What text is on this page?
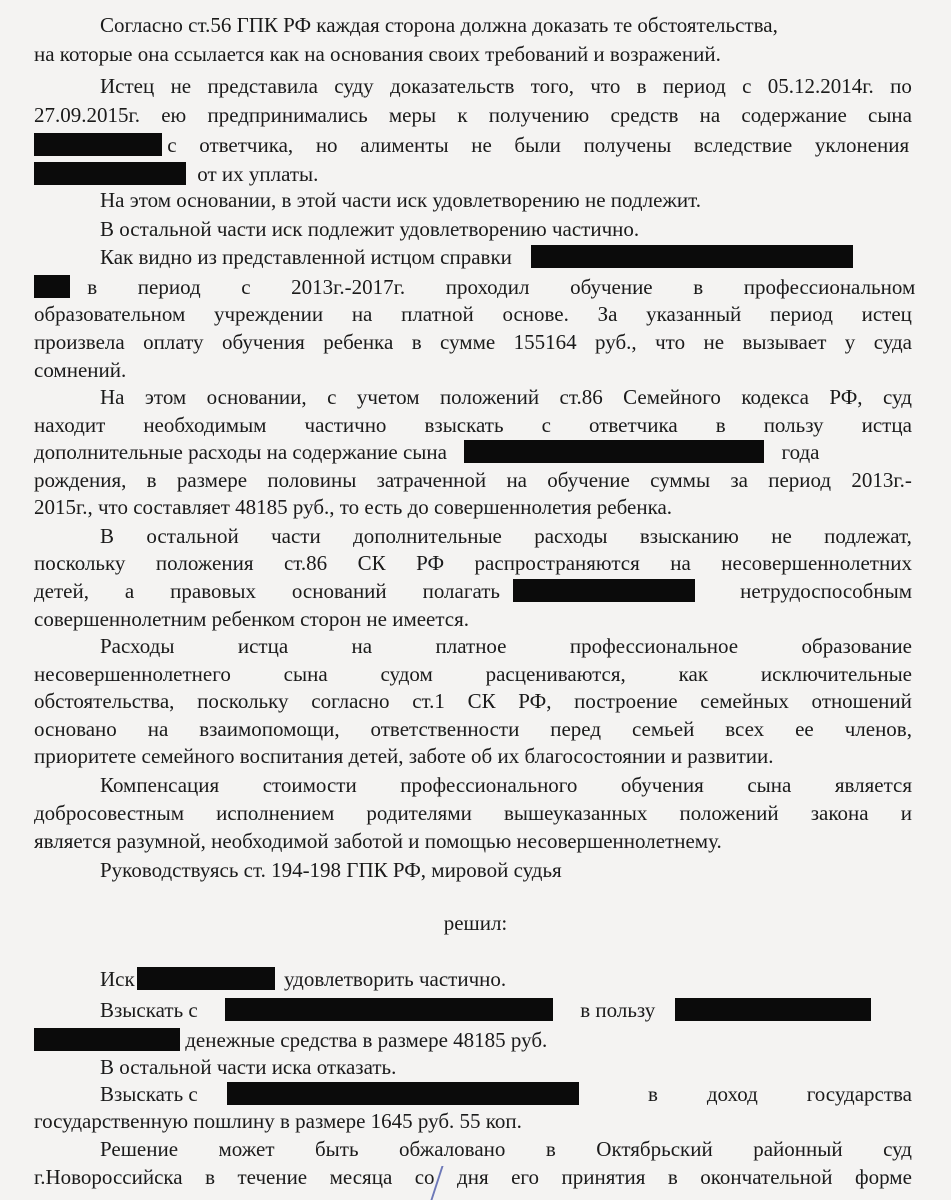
Согласно ст.56 ГПК РФ каждая сторона должна доказать те обстоятельства,
на которые она ссылается как на основания своих требований и возражений.
Истец не представила суду доказательств того, что в период с 05.12.2014г. по
27.09.2015г. ею предпринимались меры к получению средств на содержание сына

с ответчика, но алименты не были получены вследствие уклонения
от их уплаты.
На этом основании, в этой части иск удовлетворению не подлежит.
В остальной части иск подлежит удовлетворению частично.
Как видно из представленной истцом справки

в период с 2013г.-2017г. проходил обучение в профессиональном
образовательном учреждении на платной основе. За указанный период истец
произвела оплату обучения ребенка в сумме 155164 руб., что не вызывает у суда
сомнений.
На этом основании, с учетом положений ст.86 Семейного кодекса РФ, суд
находит необходимым частично взыскать с ответчика в пользу истца
дополнительные расходы на содержание сына	года
рождения, в размере половины затраченной на обучение суммы за период 2013г.-
2015г., что составляет 48185 руб., то есть до совершеннолетия ребенка.
В остальной части дополнительные расходы взысканию не подлежат,
поскольку положения ст.86 СК РФ распространяются на несовершеннолетних
детей, а правовых оснований полагать
	нетрудоспособным
совершеннолетним ребенком сторон не имеется.
Расходы	истца	на	платное	профессиональное	образование
несовершеннолетнего	сына	судом	расцениваются,	как	исключительные
обстоятельства, поскольку согласно ст.1 СК РФ, построение семейных отношений
основано на взаимопомощи, ответственности перед семьей всех ее членов,
приоритете семейного воспитания детей, заботе об их благосостоянии и развитии.
Компенсация стоимости профессионального обучения сына является
добросовестным исполнением родителями вышеуказанных положений закона и
является разумной, необходимой заботой и помощью несовершеннолетнему.
Руководствуясь ст. 194-198 ГПК РФ, мировой судья
решил:
Иск	удовлетворить частично.
Взыскать с	в пользу
денежные средства в размере 48185 руб.
В остальной части иска отказать.
Взыскать с	в доход государства
государственную пошлину в размере 1645 руб. 55 коп.
Решение может быть обжаловано в Октябрьский районный суд
г.Новороссийска в течение месяца со дня его принятия в окончательной форме
